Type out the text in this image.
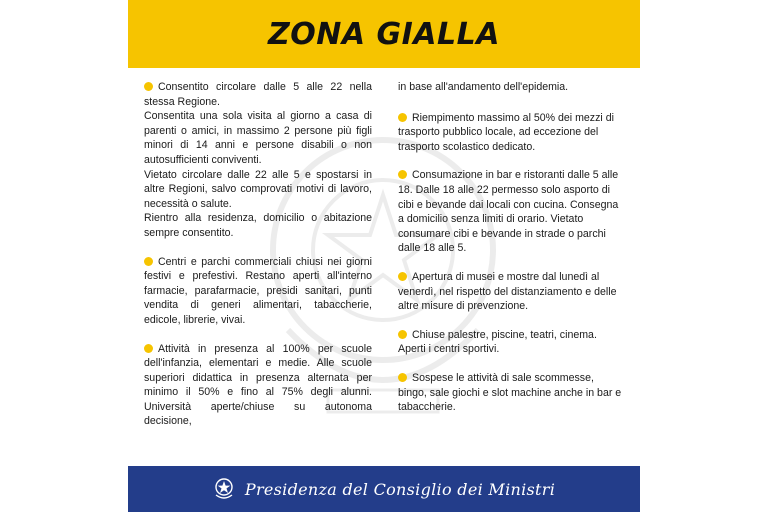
ZONA GIALLA

Consentito circolare dalle 5 alle 22 nella stessa Regione.

Consentita una sola visita al giorno a casa di parenti o amici, in massimo 2 persone più figli minori di 14 anni e persone disabili o non autosufficienti conviventi.

Vietato circolare dalle 22 alle 5 e spostarsi in altre Regioni, salvo comprovati motivi di lavoro, necessità o salute.

Rientro alla residenza, domicilio o abitazione sempre consentito.

Centri e parchi commerciali chiusi nei giorni festivi e prefestivi. Restano aperti all'interno farmacie, parafarmacie, presidi sanitari, punti vendita di generi alimentari, tabaccherie, edicole, librerie, vivai.

Attività in presenza al 100% per scuole dell'infanzia, elementari e medie. Alle scuole superiori didattica in presenza alternata per minimo il 50% e fino al 75% degli alunni. Università aperte/chiuse su autonoma decisione,

in base all'andamento dell'epidemia.

Riempimento massimo al 50% dei mezzi di trasporto pubblico locale, ad eccezione del trasporto scolastico dedicato.

Consumazione in bar e ristoranti dalle 5 alle 18. Dalle 18 alle 22 permesso solo asporto di cibi e bevande dai locali con cucina. Consegna a domicilio senza limiti di orario. Vietato consumare cibi e bevande in strade o parchi dalle 18 alle 5.

Apertura di musei e mostre dal lunedì al venerdì, nel rispetto del distanziamento e delle altre misure di prevenzione.

Chiuse palestre, piscine, teatri, cinema. Aperti i centri sportivi.

Sospese le attività di sale scommesse, bingo, sale giochi e slot machine anche in bar e tabaccherie.

Presidenza del Consiglio dei Ministri
